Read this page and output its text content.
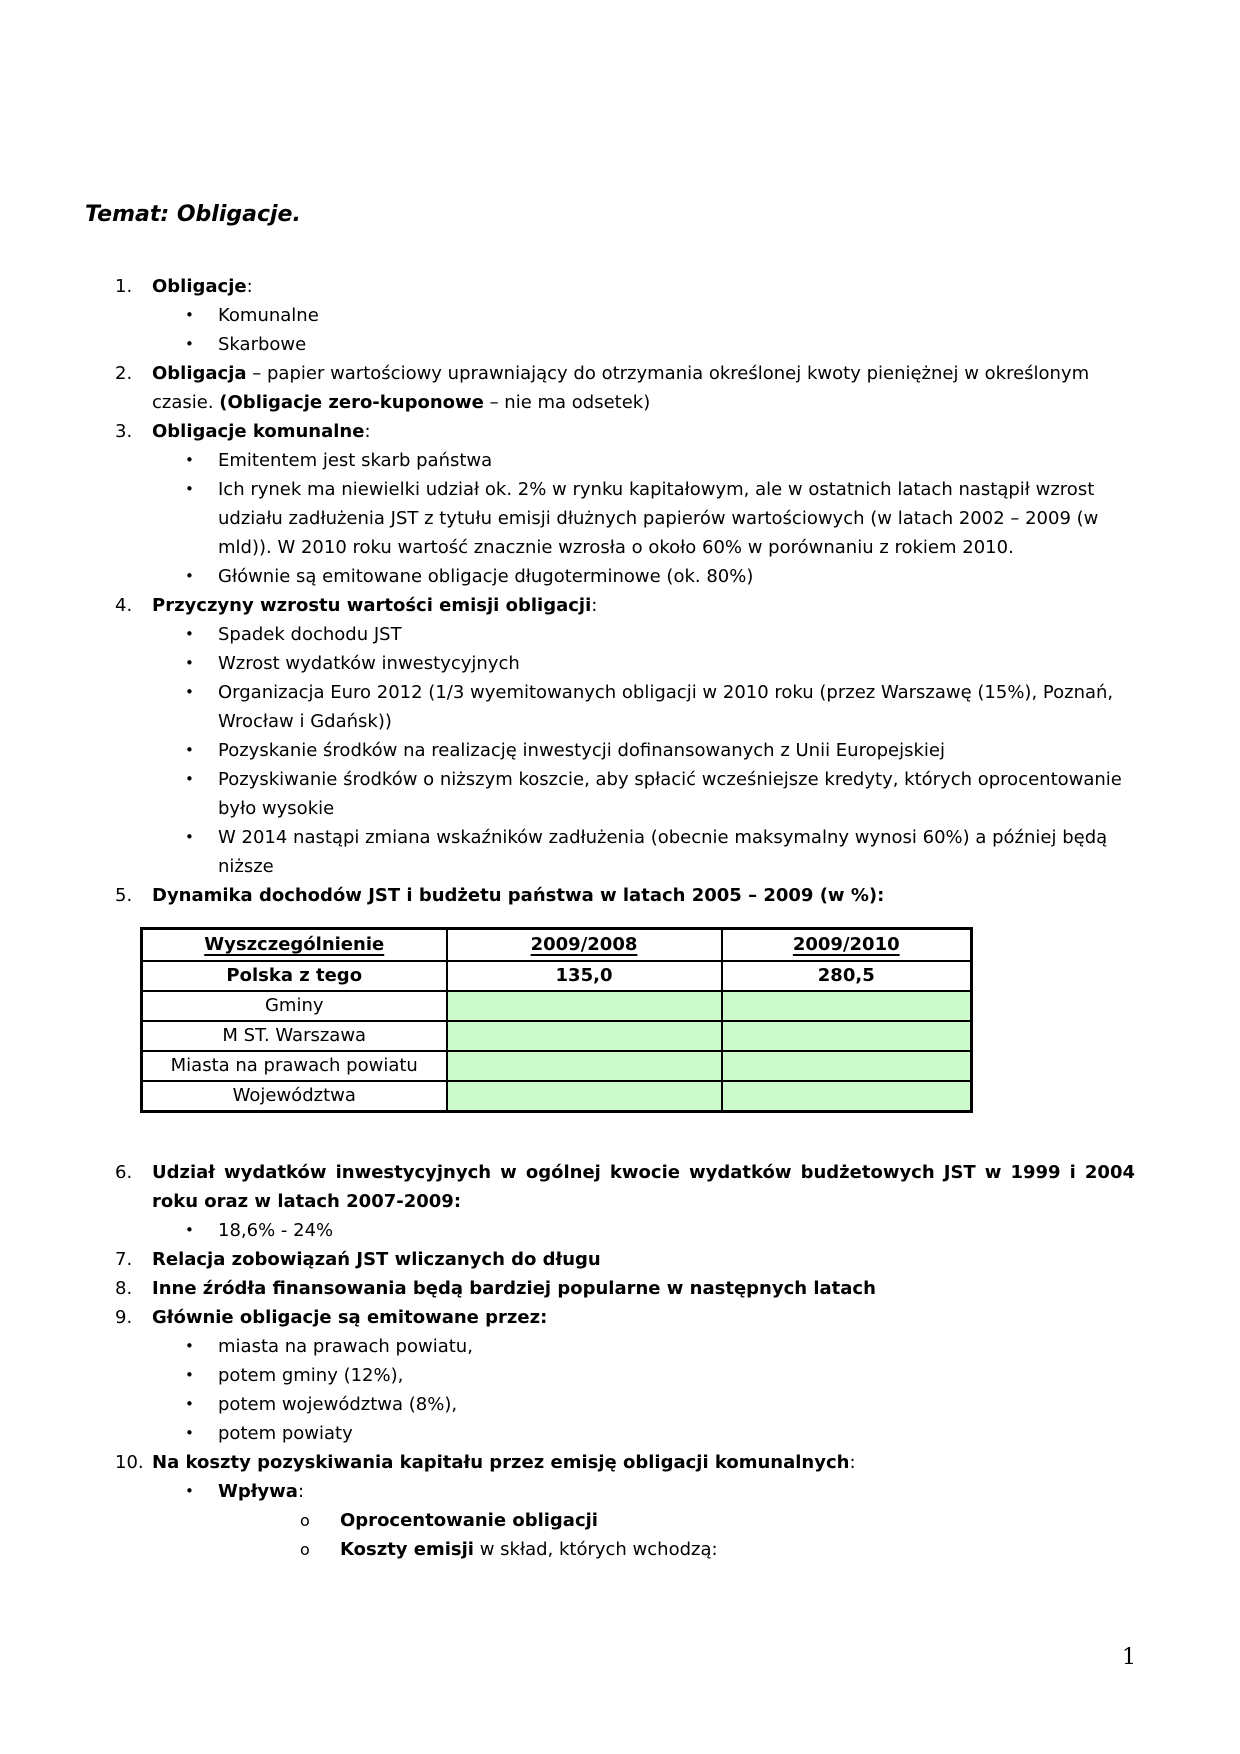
Temat: Obligacje.
1.	Obligacje:
•	Komunalne
•	Skarbowe
2.	Obligacja – papier wartościowy uprawniający do otrzymania określonej kwoty pieniężnej w określonym czasie. (Obligacje zero-kuponowe – nie ma odsetek)
3.	Obligacje komunalne:
•	Emitentem jest skarb państwa
•	Ich rynek ma niewielki udział ok. 2% w rynku kapitałowym, ale w ostatnich latach nastąpił wzrost udziału zadłużenia JST z tytułu emisji dłużnych papierów wartościowych (w latach 2002 – 2009 (w mld)). W 2010 roku wartość znacznie wzrosła o około 60% w porównaniu z rokiem 2010.
•	Głównie są emitowane obligacje długoterminowe (ok. 80%)
4.	Przyczyny wzrostu wartości emisji obligacji:
•	Spadek dochodu JST
•	Wzrost wydatków inwestycyjnych
•	Organizacja Euro 2012 (1/3 wyemitowanych obligacji w 2010 roku (przez Warszawę (15%), Poznań, Wrocław i Gdańsk))
•	Pozyskanie środków na realizację inwestycji dofinansowanych z Unii Europejskiej
•	Pozyskiwanie środków o niższym koszcie, aby spłacić wcześniejsze kredyty, których oprocentowanie było wysokie
•	W 2014 nastąpi zmiana wskaźników zadłużenia (obecnie maksymalny wynosi 60%) a później będą niższe
5.	Dynamika dochodów JST i budżetu państwa w latach 2005 – 2009 (w %):
Wyszczególnienie	2009/2008	2009/2010
Polska z tego	135,0	280,5
Gminy		
M ST. Warszawa		
Miasta na prawach powiatu		
Województwa		
6.	Udział wydatków inwestycyjnych w ogólnej kwocie wydatków budżetowych JST w 1999 i 2004 roku oraz w latach 2007-2009:
•	18,6% - 24%
7.	Relacja zobowiązań JST wliczanych do długu
8.	Inne źródła finansowania będą bardziej popularne w następnych latach
9.	Głównie obligacje są emitowane przez:
•	miasta na prawach powiatu,
•	potem gminy (12%),
•	potem województwa (8%),
•	potem powiaty
10. Na koszty pozyskiwania kapitału przez emisję obligacji komunalnych:
•	Wpływa:
o	Oprocentowanie obligacji
o	Koszty emisji w skład, których wchodzą:
1
